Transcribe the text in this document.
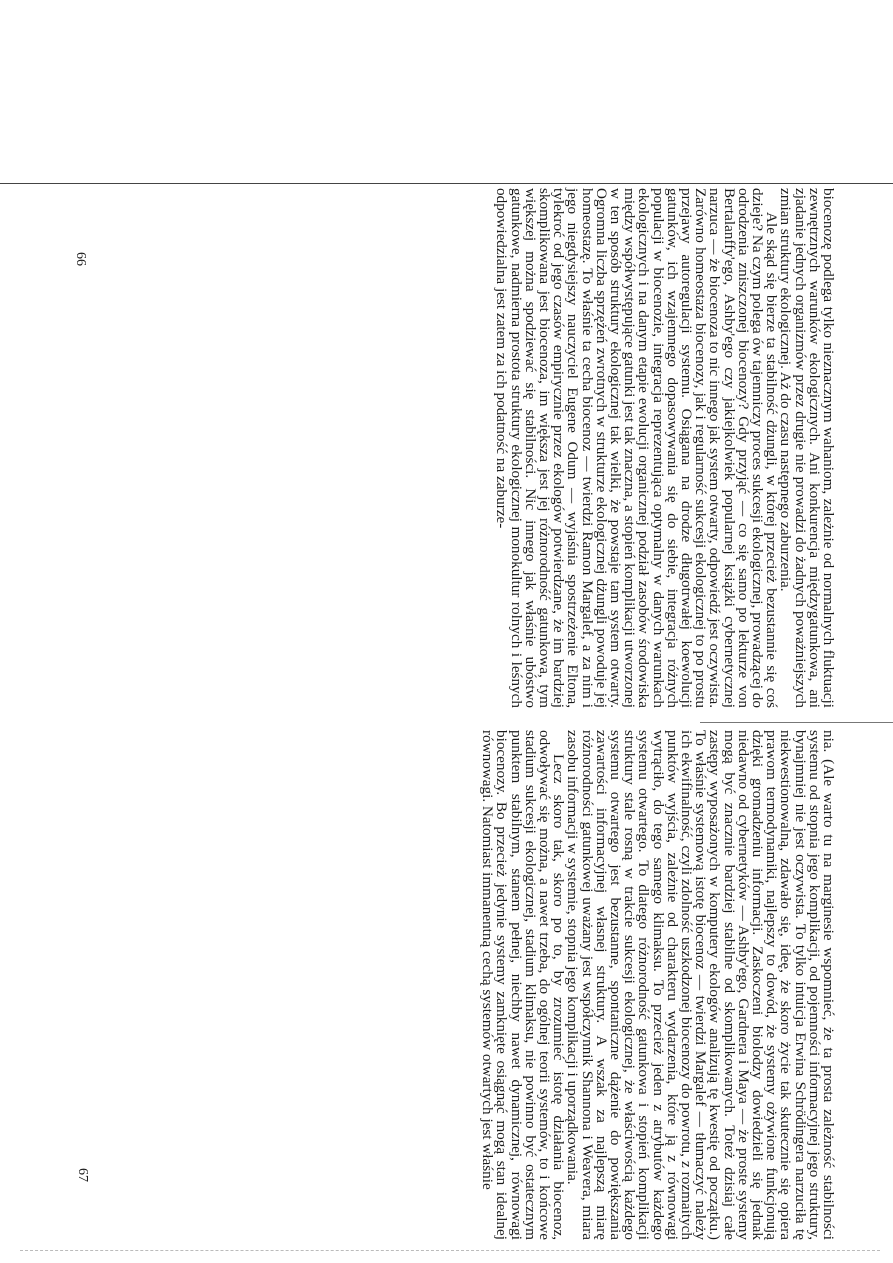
biocenozę podlega tylko nieznacznym wahaniom, zależnie od normalnych fluktuacji zewnętrznych warunków ekologicznych. Ani konkurencja międzygatunkowa, ani zjadanie jednych organizmów przez drugie nie prowadzi do żadnych poważniejszych zmian struktury ekologicznej. Aż do czasu następnego zaburzenia.

Ale skąd się bierze ta stabilność dżungli, w której przecież bezustannie się coś dzieje? Na czym polega ów tajemniczy proces sukcesji ekologicznej, prowadzącej do odrodzenia zniszczonej biocenozy? Gdy przyjąć — co się samo po lekturze von Bertalanffy'ego, Ashby'ego czy jakiejkolwiek popularnej książki cybernetycznej narzuca — że biocenoza to nic innego jak system otwarty, odpowiedź jest oczywista. Zarówno homeostaza biocenozy, jak i regularność sukcesji ekologicznej to po prostu przejawy autoregulacji systemu. Osiągana na drodze długotrwałej koewolucji gatunków, ich wzajemnego dopasowywania się do siebie, integracja różnych populacji w biocenozie, integracja reprezentująca optymalny w danych warunkach ekologicznych i na danym etapie ewolucji organicznej podział zasobów środowiska między współwystępujące gatunki jest tak znaczna, a stopień komplikacji utworzonej w ten sposób struktury ekologicznej tak wielki, że powstaje tam system otwarty. Ogromna liczba sprzężeń zwrotnych w strukturze ekologicznej dżungli powoduje jej homeostazę. To właśnie ta cecha biocenoz — twierdzi Ramon Margalef, a za nim i jego niegdysiejszy nauczyciel Eugene Odum — wyjaśnia spostrzeżenie Eltona, tylekroć od jego czasów empirycznie przez ekologów potwierdzane, że im bardziej skomplikowana jest biocenoza, im większa jest jej różnorodność gatunkowa, tym większej można spodziewać się stabilności. Nic innego jak właśnie ubóstwo gatunkowe, nadmierna prostota struktury ekologicznej monokultur rolnych i leśnych odpowiedzialna jest zatem za ich podatność na zaburze-

nia. (Ale warto tu na marginesie wspomnieć, że ta prosta zależność stabilności systemu od stopnia jego komplikacji, od pojemności informacyjnej jego struktury, bynajmniej nie jest oczywista. To tylko intuicja Erwina Schrödingera narzuciła tę niekwestionowalną, zdawało się, ideę, że skoro życie tak skutecznie się opiera prawom termodynamiki, najlepszy to dowód, że systemy ożywione funkcjonują dzięki gromadzeniu informacji. Zaskoczeni biolodzy dowiedzieli się jednak niedawno od cybernetyków — Ashby'ego, Gardnera i Maya — że proste systemy mogą być znacznie bardziej stabilne od skomplikowanych. Toteż dzisiaj całe zastępy wyposażonych w komputery ekologów analizują tę kwestię od początku.) To właśnie systemową istotę biocenoz — twierdzi Margalef — tłumaczyć należy ich ekwifinalność, czyli zdolność uszkodzonej biocenozy do powrotu, z rozmaitych punktów wyjścia, zależnie od charakteru wydarzenia, które ją z równowagi wytrąciło, do tego samego klimaksu. To przecież jeden z atrybutów każdego systemu otwartego. To dlatego różnorodność gatunkowa i stopień komplikacji struktury stale rosną w trakcie sukcesji ekologicznej, że właściwością każdego systemu otwartego jest bezustanne, spontaniczne dążenie do powiększania zawartości informacyjnej własnej struktury. A wszak za najlepszą miarę różnorodności gatunkowej uważany jest współczynnik Shannona i Weavera, miara zasobu informacji w systemie, stopnia jego komplikacji i uporządkowania.

Lecz skoro tak, skoro po to, by zrozumieć istotę działania biocenoz, odwoływać się można, a nawet trzeba, do ogólnej teorii systemów, to i końcowe stadium sukcesji ekologicznej, stadium klimaksu, nie powinno być ostatecznym punktem stabilnym, stanem pełnej, niechby nawet dynamicznej, równowagi biocenozy. Bo przecież jedynie systemy zamknięte osiągnąć mogą stan idealnej równowagi. Natomiast immanentną cechą systemów otwartych jest właśnie

66
67
